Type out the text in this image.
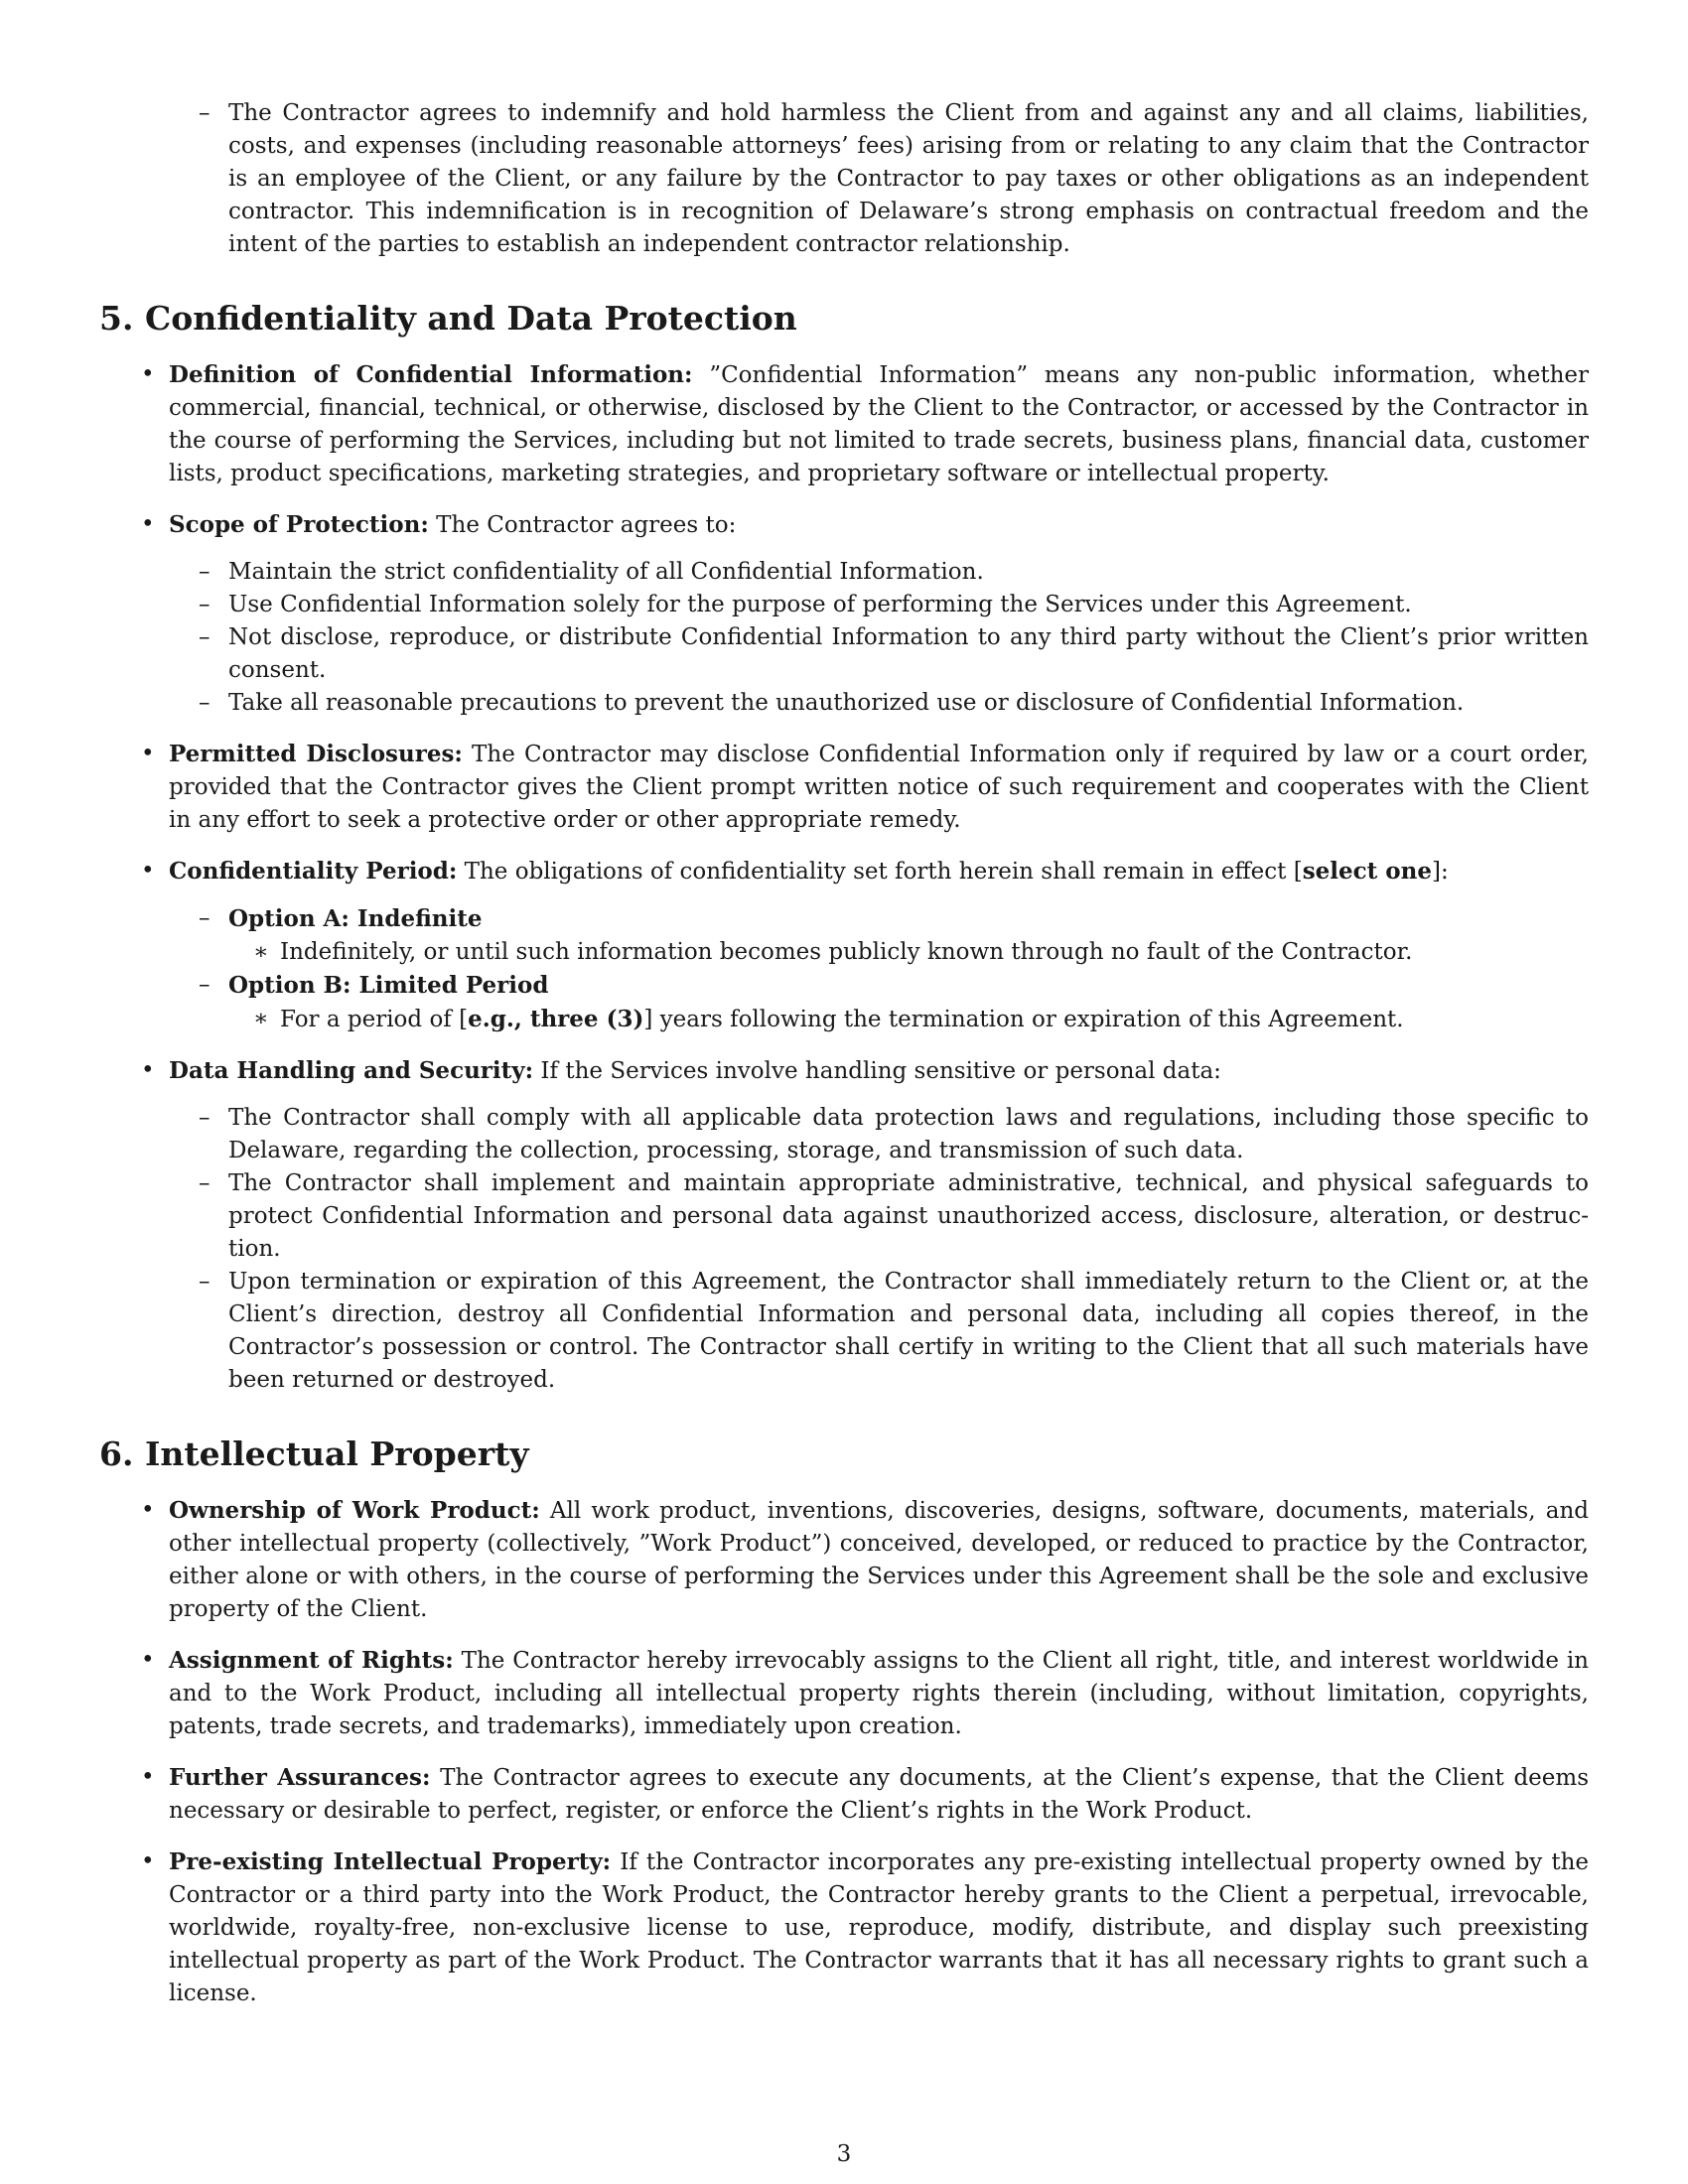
– The Contractor agrees to indemnify and hold harmless the Client from and against any and all claims, liabilities, costs, and expenses (including reasonable attorneys’ fees) arising from or relating to any claim that the Contractor is an employee of the Client, or any failure by the Contractor to pay taxes or other obligations as an independent contractor. This indemnification is in recognition of Delaware’s strong emphasis on contractual freedom and the intent of the parties to establish an independent contractor relationship.

5. Confidentiality and Data Protection

• Definition of Confidential Information: ”Confidential Information” means any non-public information, whether commercial, financial, technical, or otherwise, disclosed by the Client to the Contractor, or accessed by the Contractor in the course of performing the Services, including but not limited to trade secrets, business plans, financial data, customer lists, product specifications, marketing strategies, and proprietary software or intellectual property.

• Scope of Protection: The Contractor agrees to:

– Maintain the strict confidentiality of all Confidential Information.

– Use Confidential Information solely for the purpose of performing the Services under this Agreement.

– Not disclose, reproduce, or distribute Confidential Information to any third party without the Client’s prior written consent.

– Take all reasonable precautions to prevent the unauthorized use or disclosure of Confidential Information.

• Permitted Disclosures: The Contractor may disclose Confidential Information only if required by law or a court order, provided that the Contractor gives the Client prompt written notice of such requirement and cooperates with the Client in any effort to seek a protective order or other appropriate remedy.

• Confidentiality Period: The obligations of confidentiality set forth herein shall remain in effect [select one]:

– Option A: Indefinite

∗ Indefinitely, or until such information becomes publicly known through no fault of the Contractor.

– Option B: Limited Period

∗ For a period of [e.g., three (3)] years following the termination or expiration of this Agreement.

• Data Handling and Security: If the Services involve handling sensitive or personal data:

– The Contractor shall comply with all applicable data protection laws and regulations, including those specific to Delaware, regarding the collection, processing, storage, and transmission of such data.

– The Contractor shall implement and maintain appropriate administrative, technical, and physical safeguards to protect Confidential Information and personal data against unauthorized access, disclosure, alteration, or destruction.

– Upon termination or expiration of this Agreement, the Contractor shall immediately return to the Client or, at the Client’s direction, destroy all Confidential Information and personal data, including all copies thereof, in the Contractor’s possession or control. The Contractor shall certify in writing to the Client that all such materials have been returned or destroyed.

6. Intellectual Property

• Ownership of Work Product: All work product, inventions, discoveries, designs, software, documents, materials, and other intellectual property (collectively, ”Work Product”) conceived, developed, or reduced to practice by the Contractor, either alone or with others, in the course of performing the Services under this Agreement shall be the sole and exclusive property of the Client.

• Assignment of Rights: The Contractor hereby irrevocably assigns to the Client all right, title, and interest worldwide in and to the Work Product, including all intellectual property rights therein (including, without limitation, copyrights, patents, trade secrets, and trademarks), immediately upon creation.

• Further Assurances: The Contractor agrees to execute any documents, at the Client’s expense, that the Client deems necessary or desirable to perfect, register, or enforce the Client’s rights in the Work Product.

• Pre-existing Intellectual Property: If the Contractor incorporates any pre-existing intellectual property owned by the Contractor or a third party into the Work Product, the Contractor hereby grants to the Client a perpetual, irrevocable, worldwide, royalty-free, non-exclusive license to use, reproduce, modify, distribute, and display such preexisting intellectual property as part of the Work Product. The Contractor warrants that it has all necessary rights to grant such a license.

3
